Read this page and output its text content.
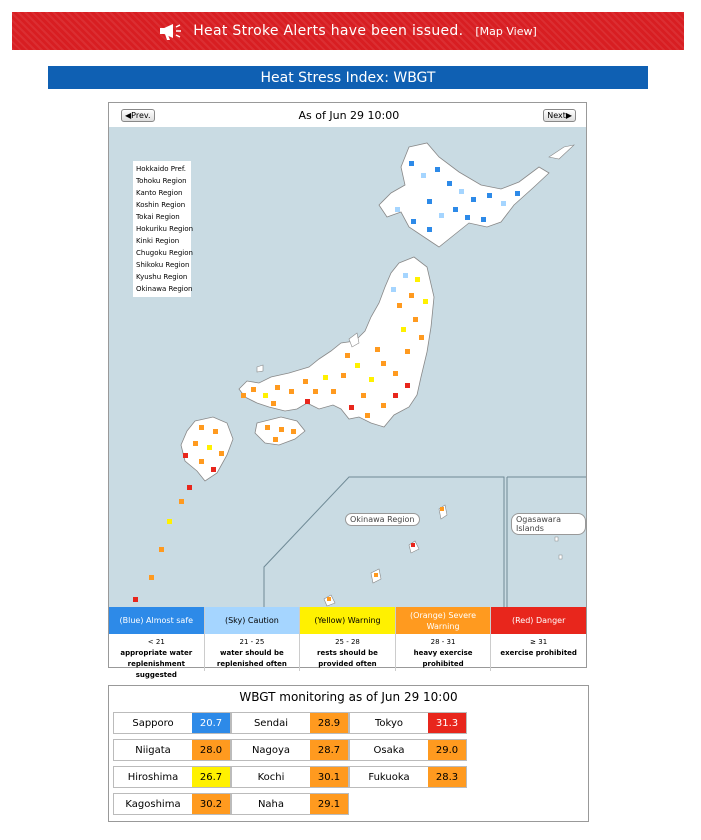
Heat Stroke Alerts have been issued. [Map View]
Heat Stress Index: WBGT
◀Prev.	As of Jun 29 10:00	Next▶
Hokkaido Pref.
Tohoku Region
Kanto Region
Koshin Region
Tokai Region
Hokuriku Region
Kinki Region
Chugoku Region
Shikoku Region
Kyushu Region
Okinawa Region
Okinawa Region	Ogasawara Islands
(Blue) Almost safe
< 21
appropriate water replenishment suggested
(Sky) Caution
21 - 25
water should be replenished often
(Yellow) Warning
25 - 28
rests should be provided often
(Orange) Severe Warning
28 - 31
heavy exercise prohibited
(Red) Danger
≥ 31
exercise prohibited
WBGT monitoring as of Jun 29 10:00
Sapporo	20.7	Sendai	28.9	Tokyo	31.3
Niigata	28.0	Nagoya	28.7	Osaka	29.0
Hiroshima	26.7	Kochi	30.1	Fukuoka	28.3
Kagoshima	30.2	Naha	29.1
